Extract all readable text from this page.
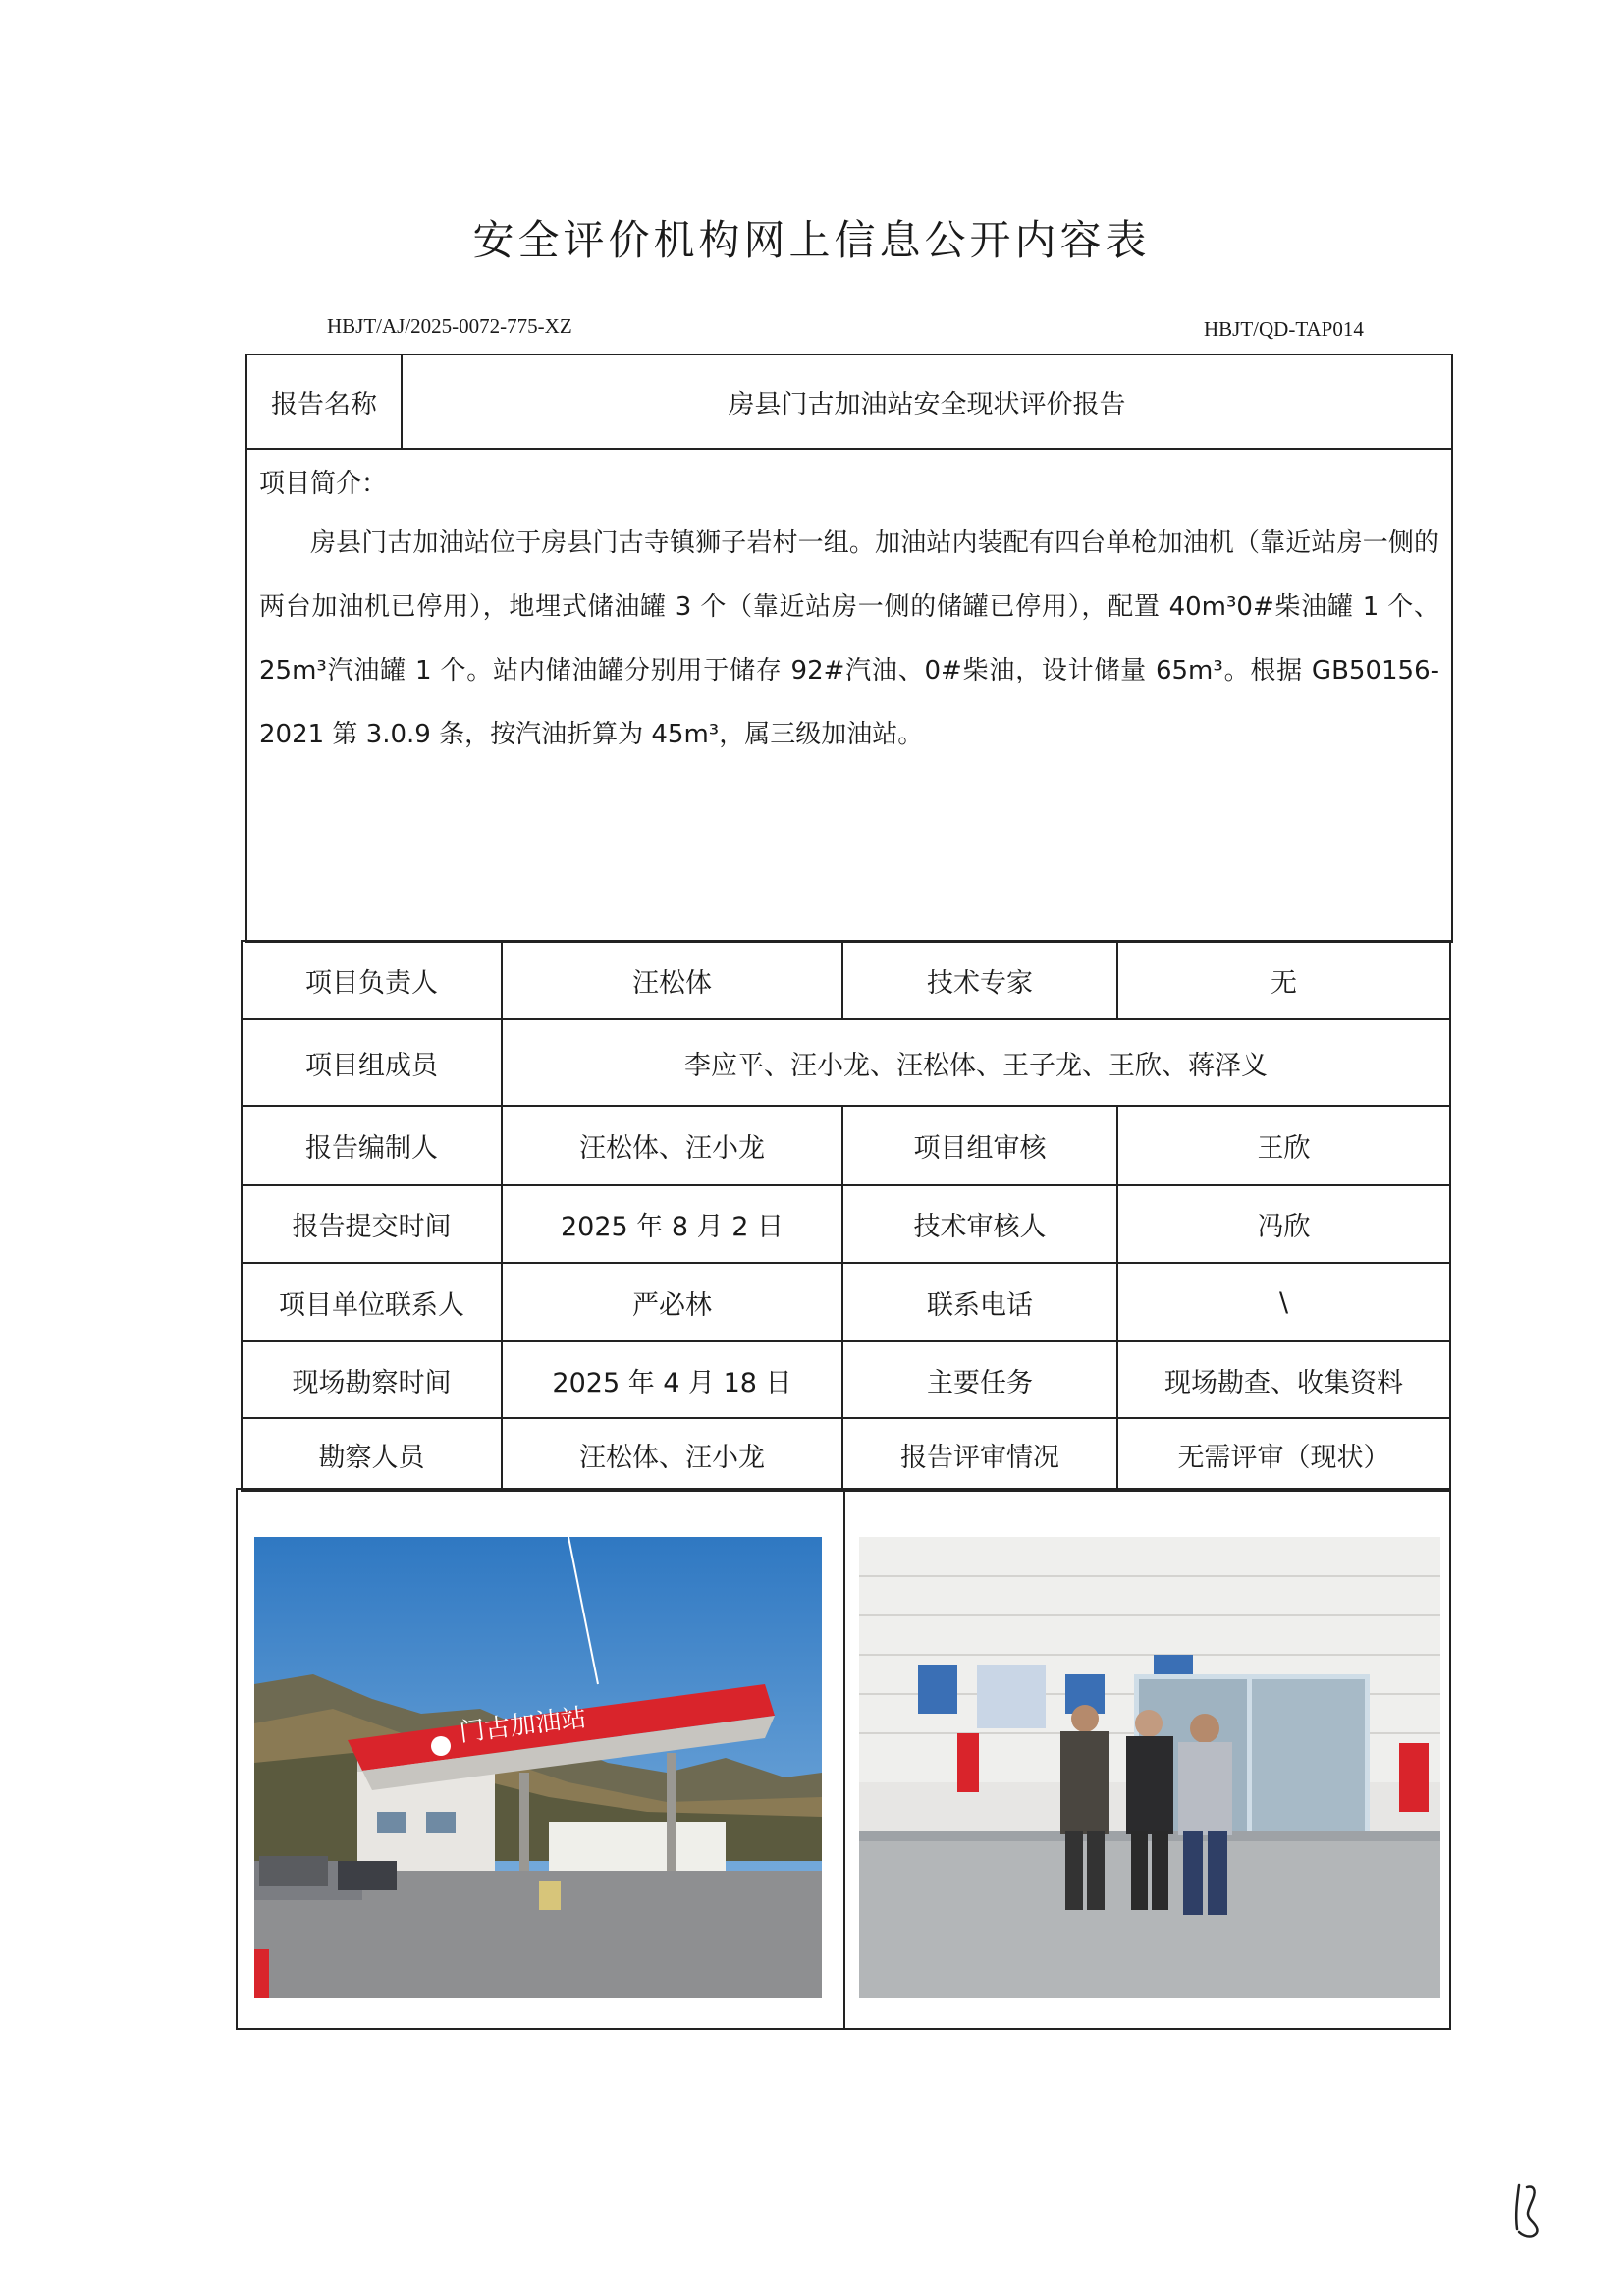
安全评价机构网上信息公开内容表
HBJT/AJ/2025-0072-775-XZ	HBJT/QD-TAP014
报告名称	房县门古加油站安全现状评价报告
项目简介：
房县门古加油站位于房县门古寺镇狮子岩村一组。加油站内装配有四台单枪加油机（靠近站房一侧的两台加油机已停用），地埋式储油罐 3 个（靠近站房一侧的储罐已停用），配置 40m³0#柴油罐 1 个、25m³汽油罐 1 个。站内储油罐分别用于储存 92#汽油、0#柴油，设计储量 65m³。根据 GB50156-2021 第 3.0.9 条，按汽油折算为 45m³，属三级加油站。
项目负责人	汪松体	技术专家	无
项目组成员	李应平、汪小龙、汪松体、王子龙、王欣、蒋泽义
报告编制人	汪松体、汪小龙	项目组审核	王欣
报告提交时间	2025 年 8 月 2 日	技术审核人	冯欣
项目单位联系人	严必林	联系电话	\
现场勘察时间	2025 年 4 月 18 日	主要任务	现场勘查、收集资料
勘察人员	汪松体、汪小龙	报告评审情况	无需评审（现状）
门古加油站
